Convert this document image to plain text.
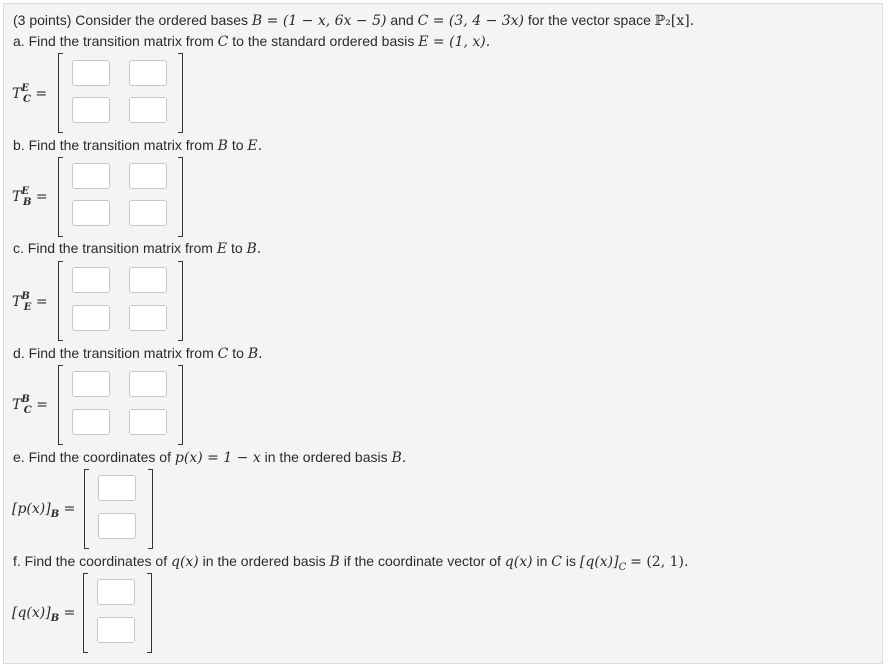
(3 points) Consider the ordered bases B = (1 − x, 6x − 5) and C = (3, 4 − 3x) for the vector space ℙ₂[x].
a. Find the transition matrix from C to the standard ordered basis E = (1, x).
$T^E_C$ =
b. Find the transition matrix from B to E.
$T^E_B$ =
c. Find the transition matrix from E to B.
$T^B_E$ =
d. Find the transition matrix from C to B.
$T^B_C$ =
e. Find the coordinates of p(x) = 1 − x in the ordered basis B.
$[p(x)]_B$ =
f. Find the coordinates of q(x) in the ordered basis B if the coordinate vector of q(x) in C is $[q(x)]_C = (2$, 1).
$[q(x)]_B$ =
